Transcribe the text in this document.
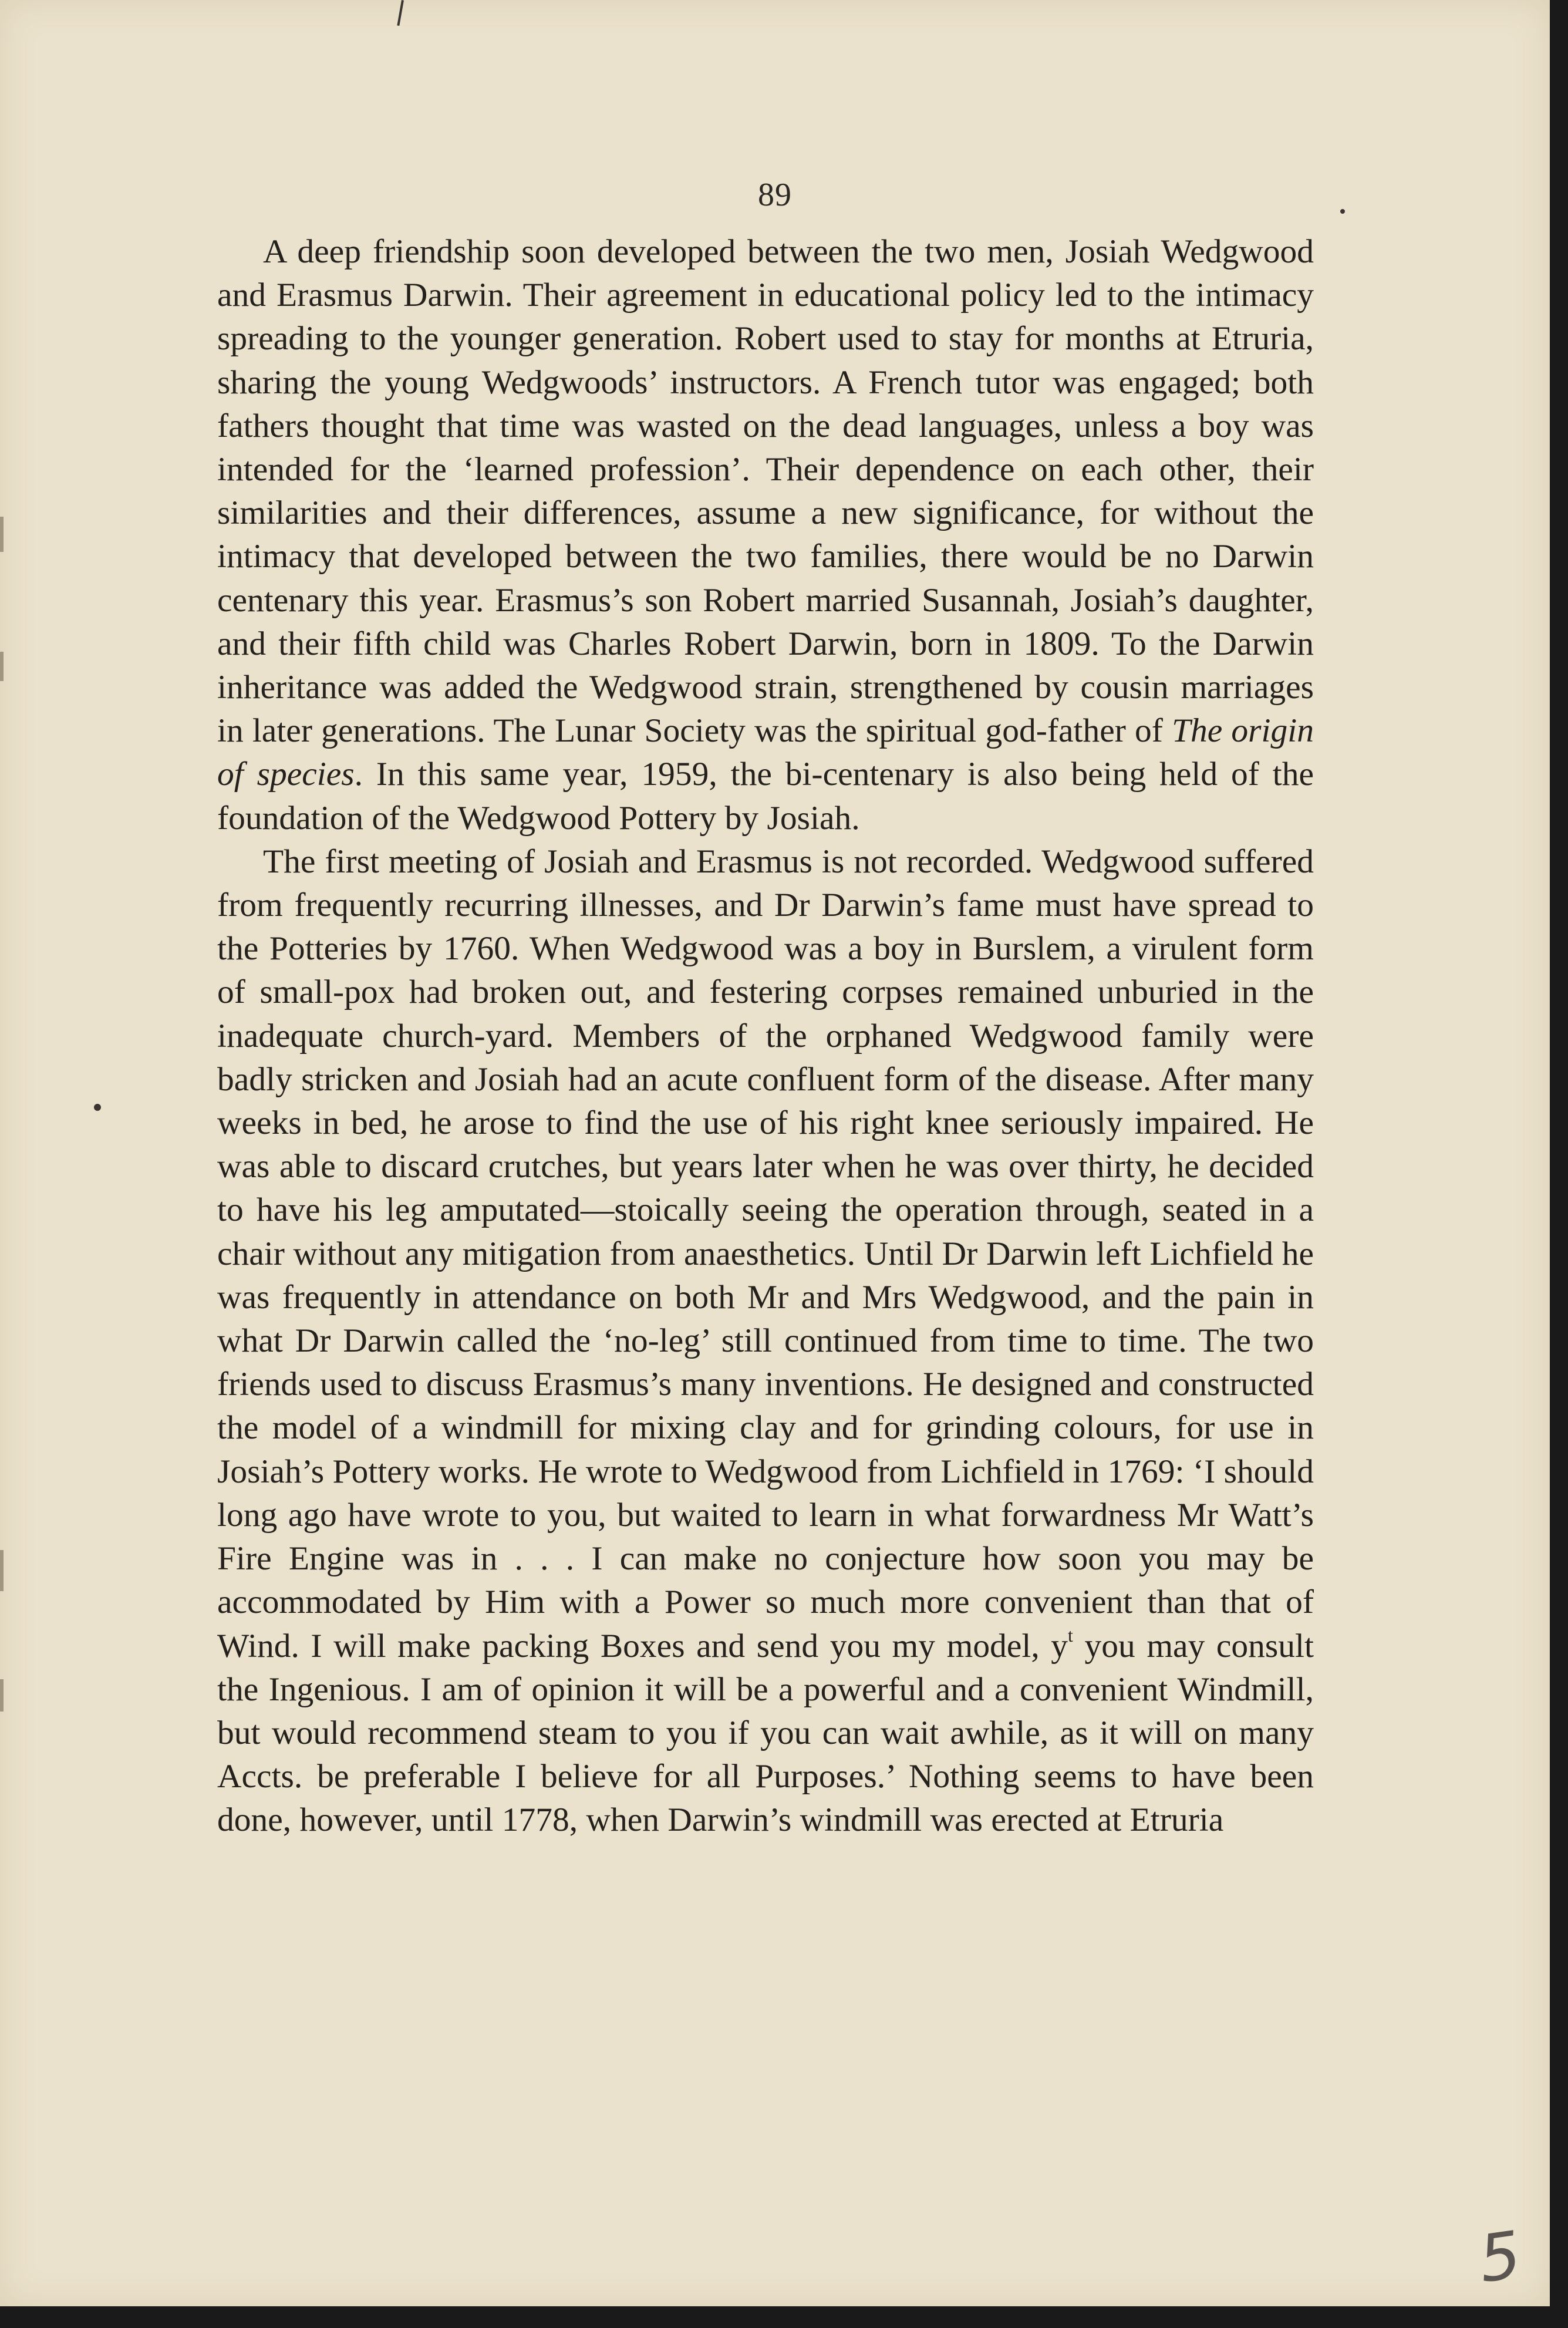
89

A deep friendship soon developed between the two men, Josiah Wedgwood and Erasmus Darwin. Their agreement in educational policy led to the intimacy spreading to the younger generation. Robert used to stay for months at Etruria, sharing the young Wedgwoods’ instructors. A French tutor was engaged; both fathers thought that time was wasted on the dead languages, unless a boy was intended for the ‘learned profession’. Their dependence on each other, their similarities and their differences, assume a new significance, for without the intimacy that developed between the two families, there would be no Darwin centenary this year. Erasmus’s son Robert married Susannah, Josiah’s daughter, and their fifth child was Charles Robert Darwin, born in 1809. To the Darwin inheritance was added the Wedgwood strain, strengthened by cousin marriages in later generations. The Lunar Society was the spiritual god-father of The origin of species. In this same year, 1959, the bi-centenary is also being held of the foundation of the Wedgwood Pottery by Josiah.

The first meeting of Josiah and Erasmus is not recorded. Wedgwood suffered from frequently recurring illnesses, and Dr Darwin’s fame must have spread to the Potteries by 1760. When Wedgwood was a boy in Burslem, a virulent form of small-pox had broken out, and festering corpses remained unburied in the inadequate church-yard. Members of the orphaned Wedgwood family were badly stricken and Josiah had an acute confluent form of the disease. After many weeks in bed, he arose to find the use of his right knee seriously impaired. He was able to discard crutches, but years later when he was over thirty, he decided to have his leg amputated—stoically seeing the operation through, seated in a chair without any mitigation from anaesthetics. Until Dr Darwin left Lichfield he was frequently in attendance on both Mr and Mrs Wedgwood, and the pain in what Dr Darwin called the ‘no-leg’ still continued from time to time. The two friends used to discuss Erasmus’s many inventions. He designed and constructed the model of a windmill for mixing clay and for grinding colours, for use in Josiah’s Pottery works. He wrote to Wedgwood from Lichfield in 1769: ‘I should long ago have wrote to you, but waited to learn in what forwardness Mr Watt’s Fire Engine was in . . . I can make no conjecture how soon you may be accommodated by Him with a Power so much more convenient than that of Wind. I will make packing Boxes and send you my model, $y^t$ you may consult the Ingenious. I am of opinion it will be a powerful and a convenient Windmill, but would recommend steam to you if you can wait awhile, as it will on many Accts. be preferable I believe for all Purposes.’ Nothing seems to have been done, however, until 1778, when Darwin’s windmill was erected at Etruria

5
